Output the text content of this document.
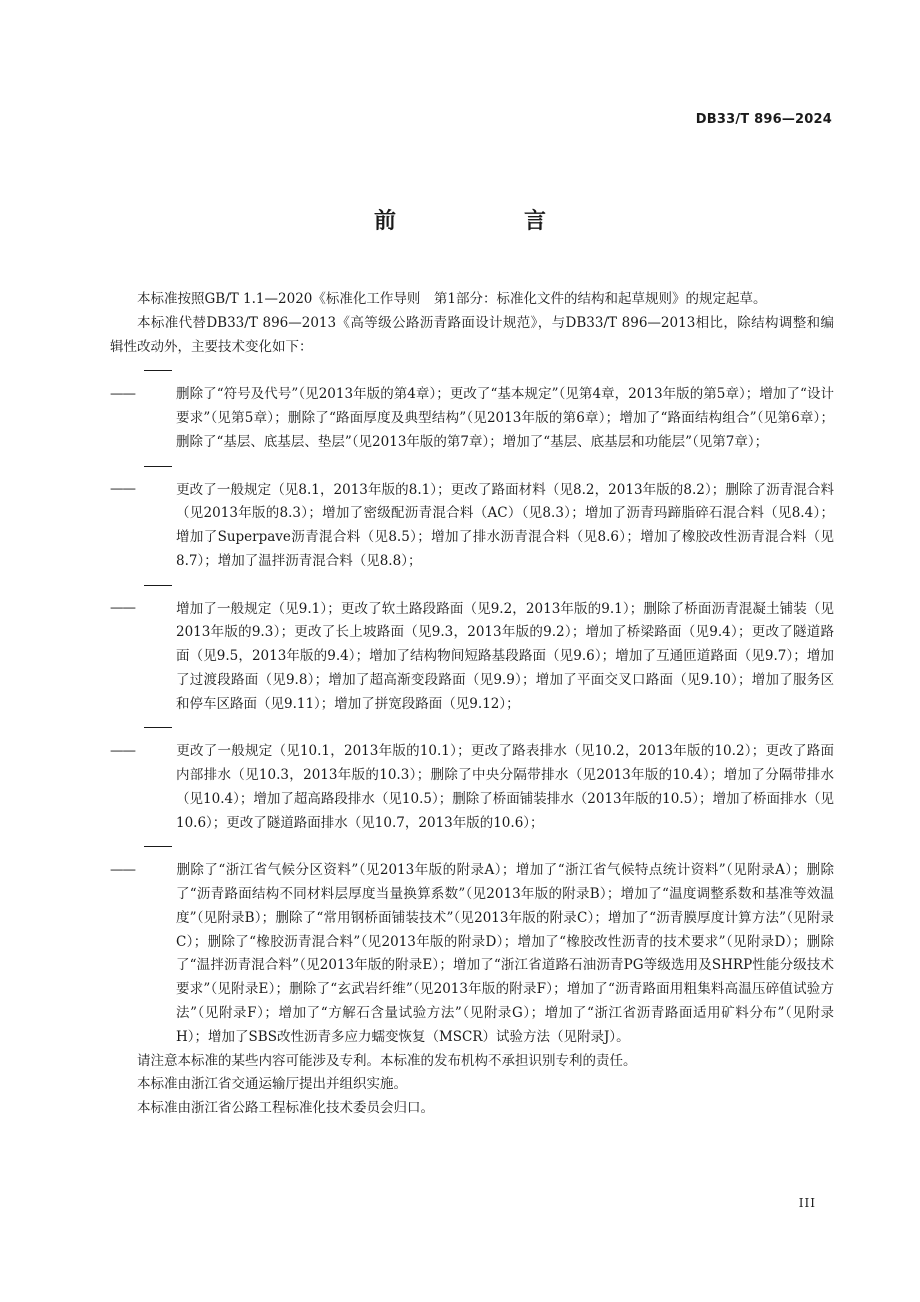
DB33/T 896—2024
前　　言

本标准按照GB/T 1.1—2020《标准化工作导则　第1部分：标准化文件的结构和起草规则》的规定起草。

本标准代替DB33/T 896—2013《高等级公路沥青路面设计规范》，与DB33/T 896—2013相比，除结构调整和编辑性改动外，主要技术变化如下：

——	删除了“符号及代号”（见2013年版的第4章）；更改了“基本规定”（见第4章，2013年版的第5章）；增加了“设计要求”（见第5章）；删除了“路面厚度及典型结构”（见2013年版的第6章）；增加了“路面结构组合”（见第6章）；删除了“基层、底基层、垫层”（见2013年版的第7章）；增加了“基层、底基层和功能层”（见第7章）；

——	更改了一般规定（见8.1，2013年版的8.1）；更改了路面材料（见8.2，2013年版的8.2）；删除了沥青混合料（见2013年版的8.3）；增加了密级配沥青混合料（AC）（见8.3）；增加了沥青玛蹄脂碎石混合料（见8.4）；增加了Superpave沥青混合料（见8.5）；增加了排水沥青混合料（见8.6）；增加了橡胶改性沥青混合料（见8.7）；增加了温拌沥青混合料（见8.8）；

——	增加了一般规定（见9.1）；更改了软土路段路面（见9.2，2013年版的9.1）；删除了桥面沥青混凝土铺装（见2013年版的9.3）；更改了长上坡路面（见9.3，2013年版的9.2）；增加了桥梁路面（见9.4）；更改了隧道路面（见9.5，2013年版的9.4）；增加了结构物间短路基段路面（见9.6）；增加了互通匝道路面（见9.7）；增加了过渡段路面（见9.8）；增加了超高渐变段路面（见9.9）；增加了平面交叉口路面（见9.10）；增加了服务区和停车区路面（见9.11）；增加了拼宽段路面（见9.12）；

——	更改了一般规定（见10.1，2013年版的10.1）；更改了路表排水（见10.2，2013年版的10.2）；更改了路面内部排水（见10.3，2013年版的10.3）；删除了中央分隔带排水（见2013年版的10.4）；增加了分隔带排水（见10.4）；增加了超高路段排水（见10.5）；删除了桥面铺装排水（2013年版的10.5）；增加了桥面排水（见10.6）；更改了隧道路面排水（见10.7，2013年版的10.6）；

——	删除了“浙江省气候分区资料”（见2013年版的附录A）；增加了“浙江省气候特点统计资料”（见附录A）；删除了“沥青路面结构不同材料层厚度当量换算系数”（见2013年版的附录B）；增加了“温度调整系数和基准等效温度”（见附录B）；删除了“常用钢桥面铺装技术”（见2013年版的附录C）；增加了“沥青膜厚度计算方法”（见附录C）；删除了“橡胶沥青混合料”（见2013年版的附录D）；增加了“橡胶改性沥青的技术要求”（见附录D）；删除了“温拌沥青混合料”（见2013年版的附录E）；增加了“浙江省道路石油沥青PG等级选用及SHRP性能分级技术要求”（见附录E）；删除了“玄武岩纤维”（见2013年版的附录F）；增加了“沥青路面用粗集料高温压碎值试验方法”（见附录F）；增加了“方解石含量试验方法”（见附录G）；增加了“浙江省沥青路面适用矿料分布”（见附录H）；增加了SBS改性沥青多应力蠕变恢复（MSCR）试验方法（见附录J）。

请注意本标准的某些内容可能涉及专利。本标准的发布机构不承担识别专利的责任。

本标准由浙江省交通运输厅提出并组织实施。

本标准由浙江省公路工程标准化技术委员会归口。

III
